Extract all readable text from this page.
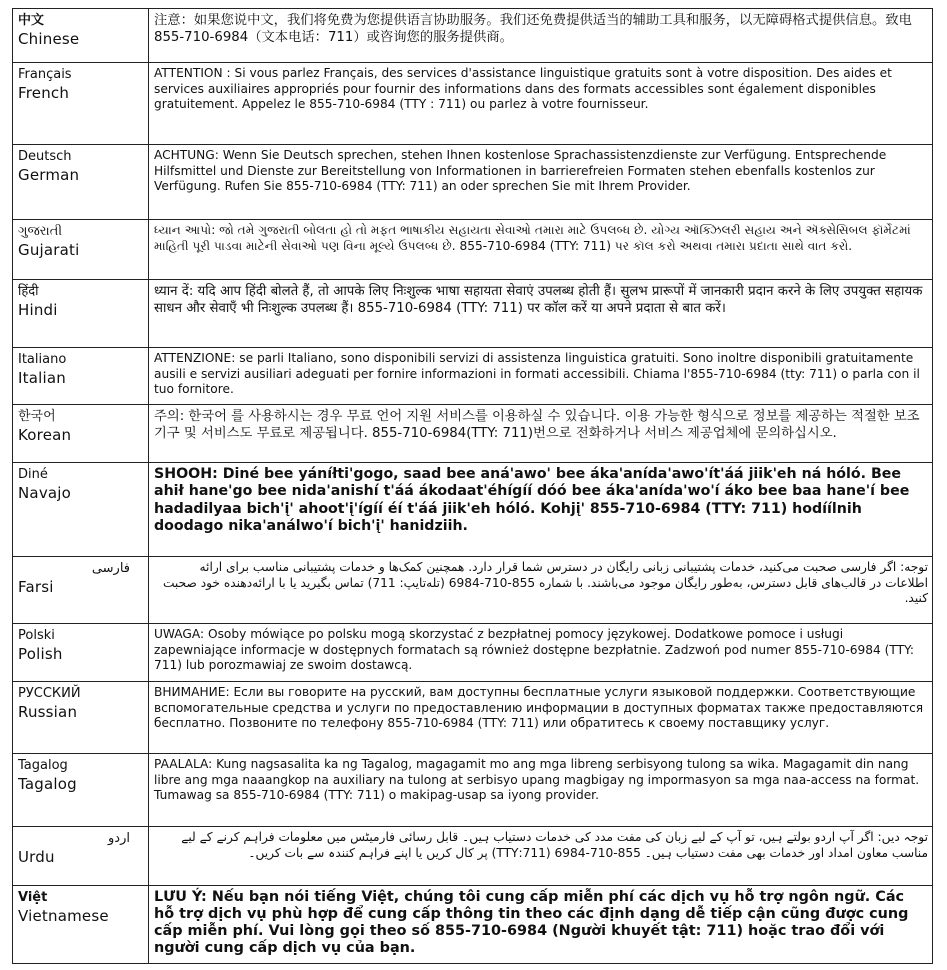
中文
Chinese	注意：如果您说中文，我们将免费为您提供语言协助服务。我们还免费提供适当的辅助工具和服务，以无障碍格式提供信息。致电 855-710-6984（文本电话：711）或咨询您的服务提供商。

Français
French	ATTENTION : Si vous parlez Français, des services d'assistance linguistique gratuits sont à votre disposition. Des aides et services auxiliaires appropriés pour fournir des informations dans des formats accessibles sont également disponibles gratuitement. Appelez le 855-710-6984 (TTY : 711) ou parlez à votre fournisseur.

Deutsch
German	ACHTUNG: Wenn Sie Deutsch sprechen, stehen Ihnen kostenlose Sprachassistenzdienste zur Verfügung. Entsprechende Hilfsmittel und Dienste zur Bereitstellung von Informationen in barrierefreien Formaten stehen ebenfalls kostenlos zur Verfügung. Rufen Sie 855-710-6984 (TTY: 711) an oder sprechen Sie mit Ihrem Provider.

ગુજરાતી
Gujarati	ધ્યાન આપો: જો તમે ગુજરાતી બોલતા હો તો મફત ભાષાકીય સહાયતા સેવાઓ તમારા માટે ઉપલબ્ધ છે. યોગ્ય ઑક્ઝિલરી સહાય અને ઍક્સેસિબલ ફૉર્મેટમાં માહિતી પૂરી પાડવા માટેની સેવાઓ પણ વિના મૂલ્યે ઉપલબ્ધ છે. 855-710-6984 (TTY: 711) પર કૉલ કરો અથવા તમારા પ્રદાતા સાથે વાત કરો.

हिंदी
Hindi	ध्यान दें: यदि आप हिंदी बोलते हैं, तो आपके लिए निःशुल्क भाषा सहायता सेवाएं उपलब्ध होती हैं। सुलभ प्रारूपों में जानकारी प्रदान करने के लिए उपयुक्त सहायक साधन और सेवाएँ भी निःशुल्क उपलब्ध हैं। 855-710-6984 (TTY: 711) पर कॉल करें या अपने प्रदाता से बात करें।

Italiano
Italian	ATTENZIONE: se parli Italiano, sono disponibili servizi di assistenza linguistica gratuiti. Sono inoltre disponibili gratuitamente ausili e servizi ausiliari adeguati per fornire informazioni in formati accessibili. Chiama l'855-710-6984 (tty: 711) o parla con il tuo fornitore.

한국어
Korean	주의: 한국어 를 사용하시는 경우 무료 언어 지원 서비스를 이용하실 수 있습니다. 이용 가능한 형식으로 정보를 제공하는 적절한 보조 기구 및 서비스도 무료로 제공됩니다. 855-710-6984(TTY: 711)번으로 전화하거나 서비스 제공업체에 문의하십시오.

Diné
Navajo	SHOOH: Diné bee yáníłti'gogo, saad bee aná'awo' bee áka'anída'awo'ít'áá jiik'eh ná hóló. Bee ahił hane'go bee nida'anishí t'áá ákodaat'éhígíí dóó bee áka'anída'wo'í áko bee baa hane'í bee hadadilyaa bich'į' ahoot'į'ígíí éí t'áá jiik'eh hóló. Kohjį' 855-710-6984 (TTY: 711) hodíílnih doodago nika'análwo'í bich'į' hanidziih.

فارسی
Farsi	توجه: اگر فارسی صحبت می‌کنید، خدمات پشتیبانی زبانی رایگان در دسترس شما قرار دارد. همچنین کمک‌ها و خدمات پشتیبانی مناسب برای ارائه اطلاعات در قالب‌های قابل دسترس، به‌طور رایگان موجود می‌باشند. با شماره 855-710-6984 (تله‌تایپ: 711) تماس بگیرید یا با ارائه‌دهنده خود صحبت کنید.

Polski
Polish	UWAGA: Osoby mówiące po polsku mogą skorzystać z bezpłatnej pomocy językowej. Dodatkowe pomoce i usługi zapewniające informacje w dostępnych formatach są również dostępne bezpłatnie. Zadzwoń pod numer 855-710-6984 (TTY: 711) lub porozmawiaj ze swoim dostawcą.

РУССКИЙ
Russian	ВНИМАНИЕ: Если вы говорите на русский, вам доступны бесплатные услуги языковой поддержки. Соответствующие вспомогательные средства и услуги по предоставлению информации в доступных форматах также предоставляются бесплатно. Позвоните по телефону 855-710-6984 (TTY: 711) или обратитесь к своему поставщику услуг.

Tagalog
Tagalog	PAALALA: Kung nagsasalita ka ng Tagalog, magagamit mo ang mga libreng serbisyong tulong sa wika. Magagamit din nang libre ang mga naaangkop na auxiliary na tulong at serbisyo upang magbigay ng impormasyon sa mga naa-access na format. Tumawag sa 855-710-6984 (TTY: 711) o makipag-usap sa iyong provider.

اردو
Urdu	توجہ دیں: اگر آپ اردو بولتے ہیں، تو آپ کے لیے زبان کی مفت مدد کی خدمات دستیاب ہیں۔ قابل رسائی فارمیٹس میں معلومات فراہم کرنے کے لیے مناسب معاون امداد اور خدمات بھی مفت دستیاب ہیں۔ 855-710-6984 (711:TTY) پر کال کریں یا اپنے فراہم کنندہ سے بات کریں۔

Việt
Vietnamese	LƯU Ý: Nếu bạn nói tiếng Việt, chúng tôi cung cấp miễn phí các dịch vụ hỗ trợ ngôn ngữ. Các hỗ trợ dịch vụ phù hợp để cung cấp thông tin theo các định dạng dễ tiếp cận cũng được cung cấp miễn phí. Vui lòng gọi theo số 855-710-6984 (Người khuyết tật: 711) hoặc trao đổi với người cung cấp dịch vụ của bạn.
